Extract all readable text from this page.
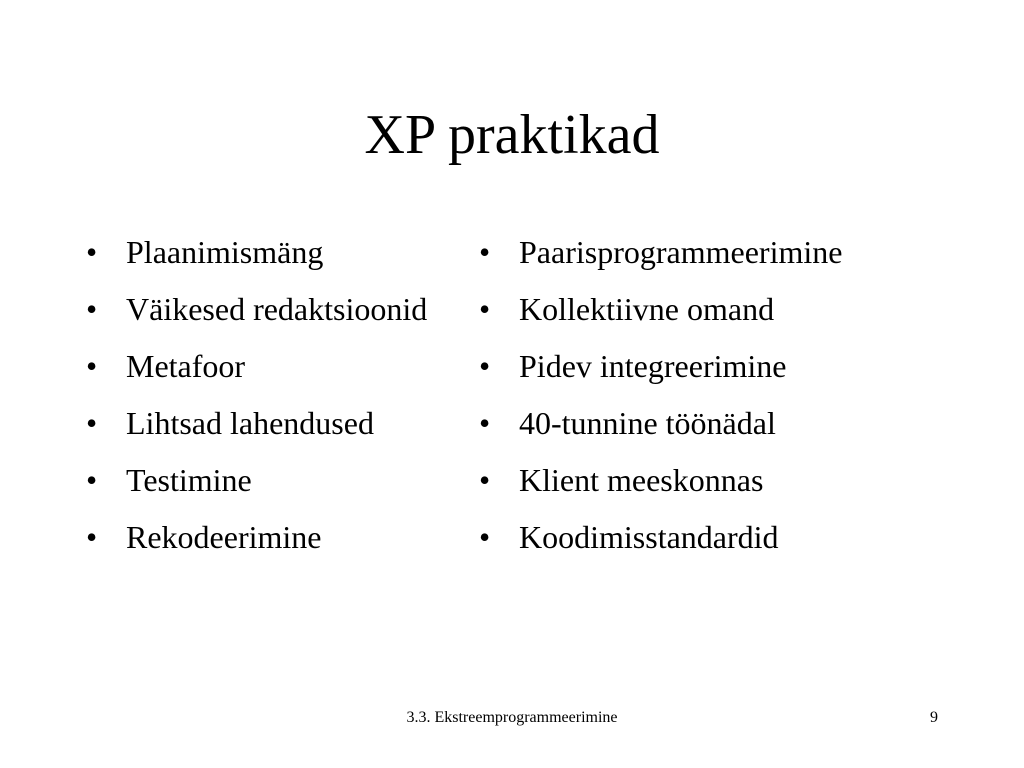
XP praktikad
• Plaanimismäng
• Väikesed redaktsioonid
• Metafoor
• Lihtsad lahendused
• Testimine
• Rekodeerimine
• Paarisprogrammeerimine
• Kollektiivne omand
• Pidev integreerimine
• 40-tunnine töönädal
• Klient meeskonnas
• Koodimisstandardid
3.3. Ekstreemprogrammeerimine	9
